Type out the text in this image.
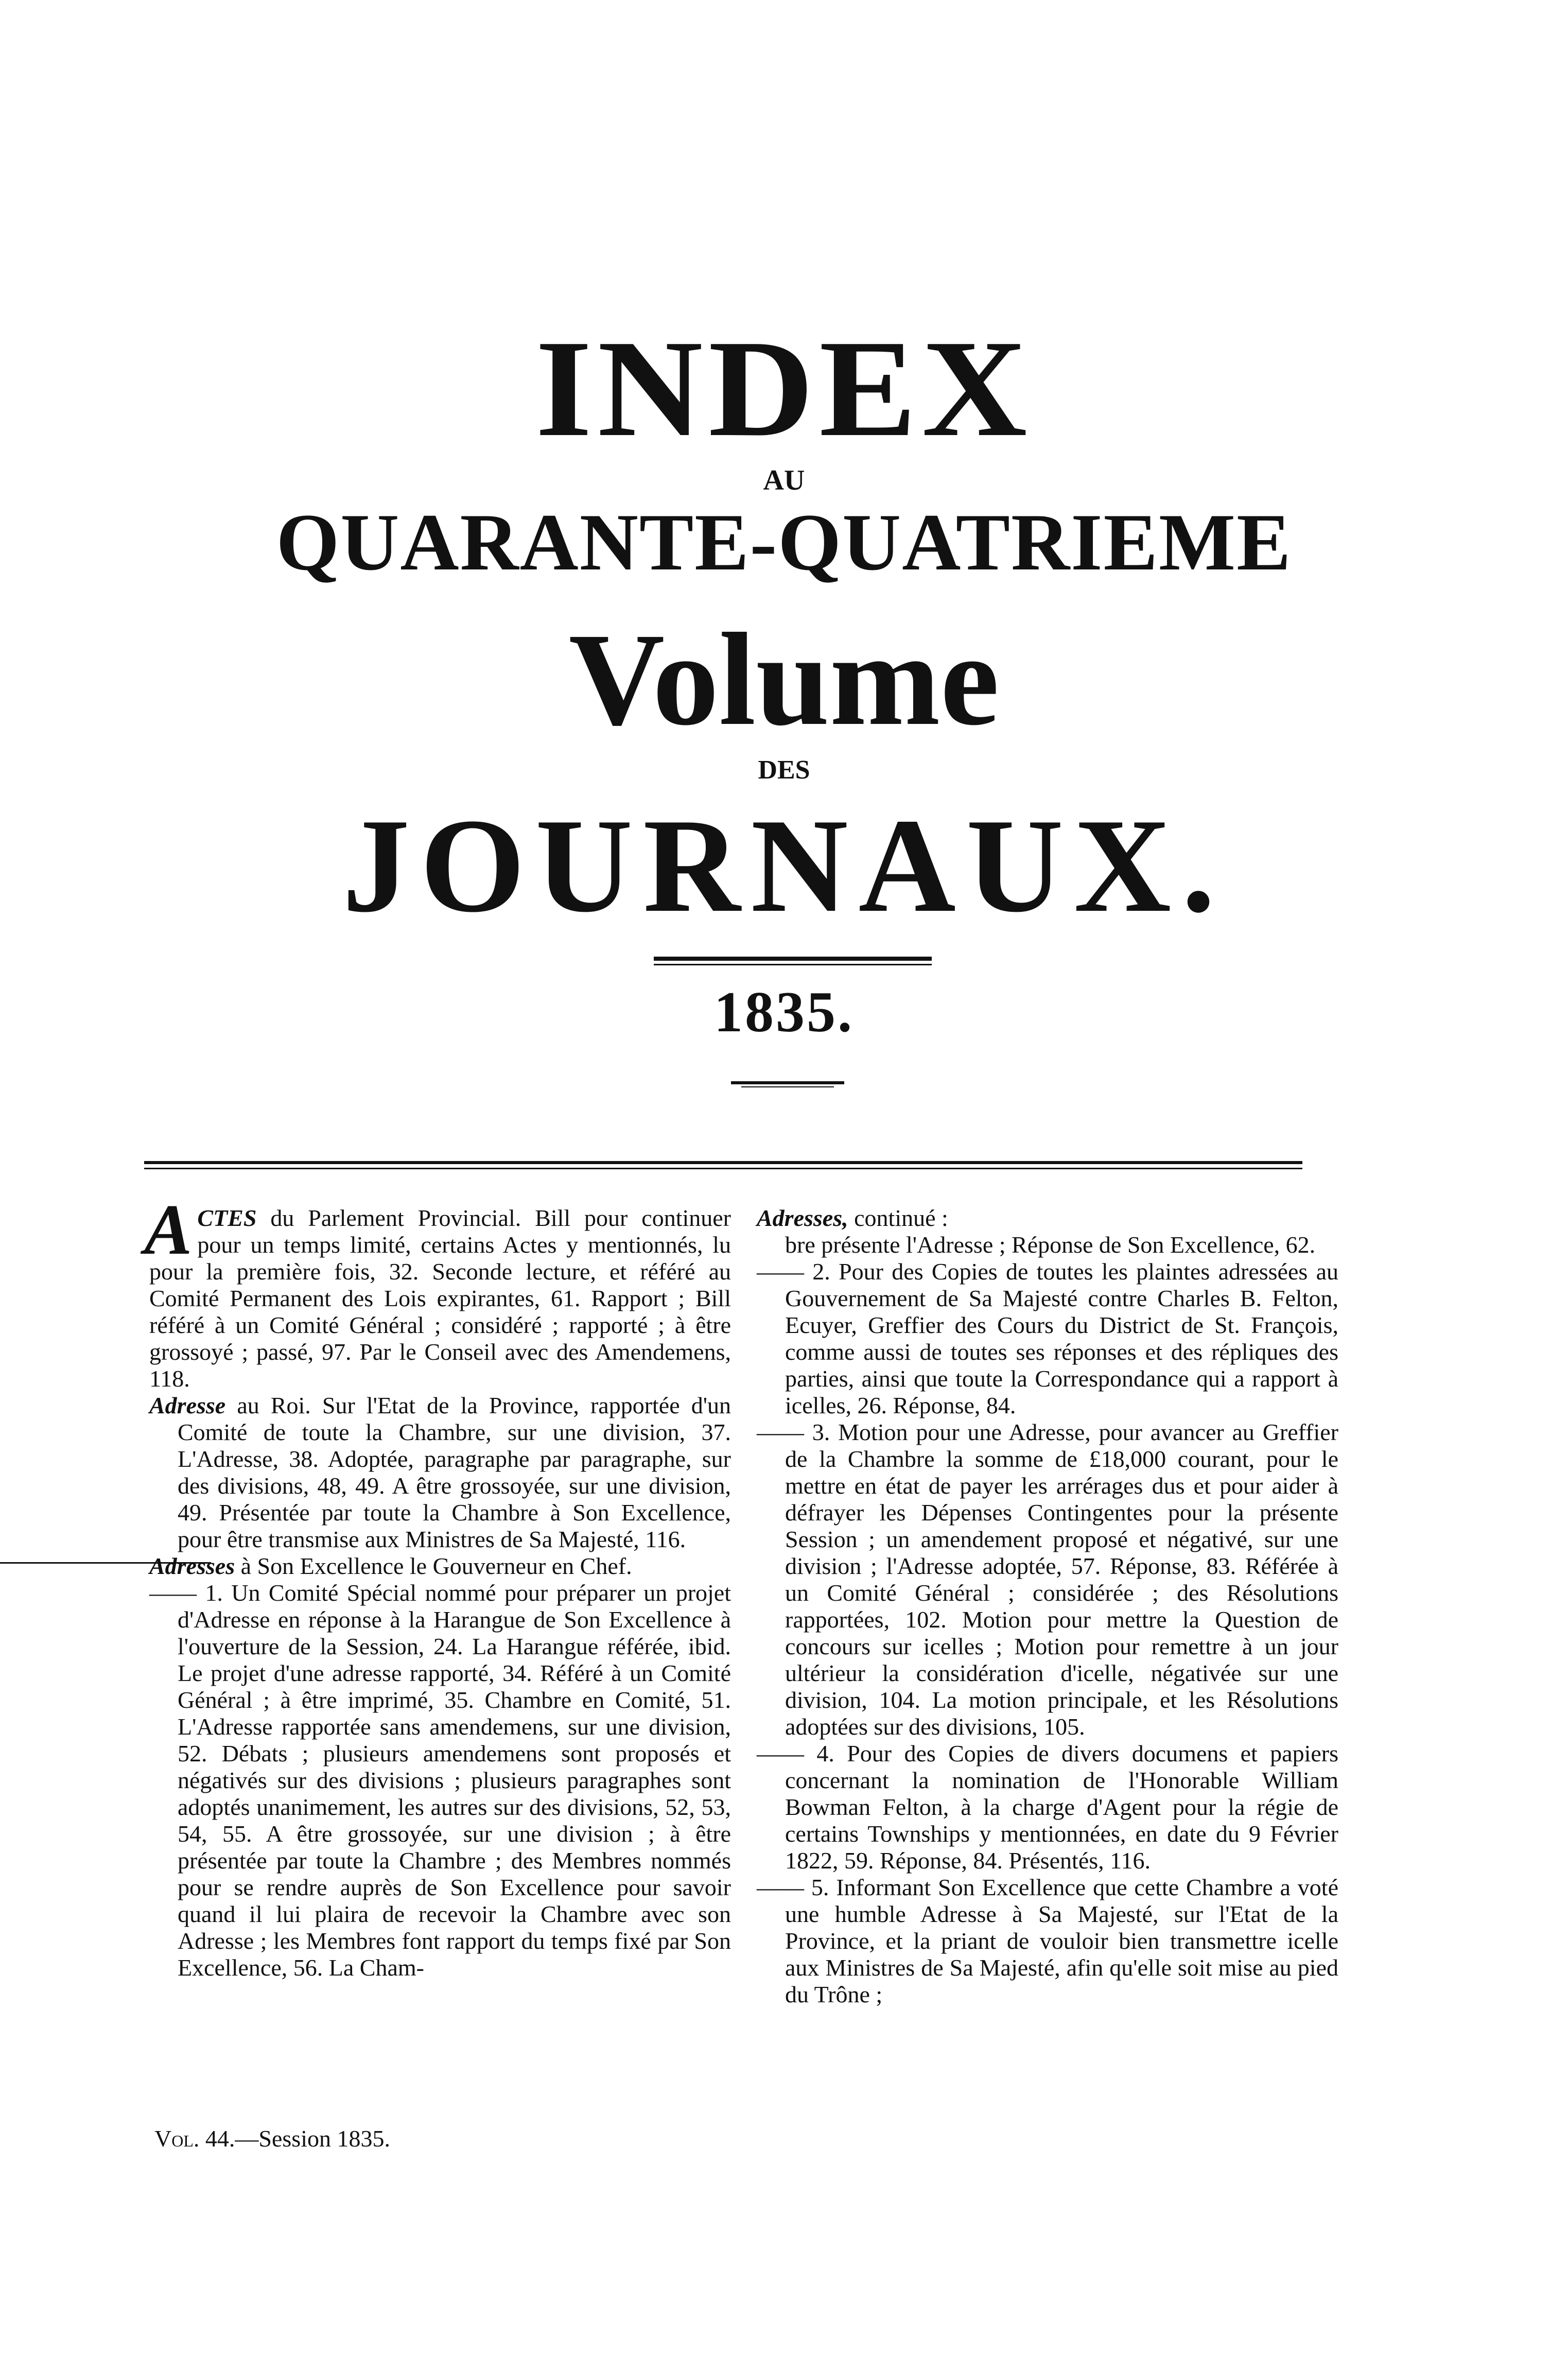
INDEX
AU
QUARANTE-QUATRIEME
Volume
DES
JOURNAUX.
1835.

ACTES du Parlement Provincial. Bill pour continuer pour un temps limité, certains Actes y mentionnés, lu pour la première fois, 32. Seconde lecture, et référé au Comité Permanent des Lois expirantes, 61. Rapport ; Bill référé à un Comité Général ; considéré ; rapporté ; à être grossoyé ; passé, 97. Par le Conseil avec des Amendemens, 118.

Adresse au Roi. Sur l'Etat de la Province, rapportée d'un Comité de toute la Chambre, sur une division, 37. L'Adresse, 38. Adoptée, paragraphe par paragraphe, sur des divisions, 48, 49. A être grossoyée, sur une division, 49. Présentée par toute la Chambre à Son Excellence, pour être transmise aux Ministres de Sa Majesté, 116.

Adresses à Son Excellence le Gouverneur en Chef.

—— 1. Un Comité Spécial nommé pour préparer un projet d'Adresse en réponse à la Harangue de Son Excellence à l'ouverture de la Session, 24. La Harangue référée, ibid. Le projet d'une adresse rapporté, 34. Référé à un Comité Général ; à être imprimé, 35. Chambre en Comité, 51. L'Adresse rapportée sans amendemens, sur une division, 52. Débats ; plusieurs amendemens sont proposés et négativés sur des divisions ; plusieurs paragraphes sont adoptés unanimement, les autres sur des divisions, 52, 53, 54, 55. A être grossoyée, sur une division ; à être présentée par toute la Chambre ; des Membres nommés pour se rendre auprès de Son Excellence pour savoir quand il lui plaira de recevoir la Chambre avec son Adresse ; les Membres font rapport du temps fixé par Son Excellence, 56. La Cham-

Adresses, continué :

bre présente l'Adresse ; Réponse de Son Excellence, 62.

—— 2. Pour des Copies de toutes les plaintes adressées au Gouvernement de Sa Majesté contre Charles B. Felton, Ecuyer, Greffier des Cours du District de St. François, comme aussi de toutes ses réponses et des répliques des parties, ainsi que toute la Correspondance qui a rapport à icelles, 26. Réponse, 84.

—— 3. Motion pour une Adresse, pour avancer au Greffier de la Chambre la somme de £18,000 courant, pour le mettre en état de payer les arrérages dus et pour aider à défrayer les Dépenses Contingentes pour la présente Session ; un amendement proposé et négativé, sur une division ; l'Adresse adoptée, 57. Réponse, 83. Référée à un Comité Général ; considérée ; des Résolutions rapportées, 102. Motion pour mettre la Question de concours sur icelles ; Motion pour remettre à un jour ultérieur la considération d'icelle, négativée sur une division, 104. La motion principale, et les Résolutions adoptées sur des divisions, 105.

—— 4. Pour des Copies de divers documens et papiers concernant la nomination de l'Honorable William Bowman Felton, à la charge d'Agent pour la régie de certains Townships y mentionnées, en date du 9 Février 1822, 59. Réponse, 84. Présentés, 116.

—— 5. Informant Son Excellence que cette Chambre a voté une humble Adresse à Sa Majesté, sur l'Etat de la Province, et la priant de vouloir bien transmettre icelle aux Ministres de Sa Majesté, afin qu'elle soit mise au pied du Trône ;

Vol. 44.—Session 1835.
